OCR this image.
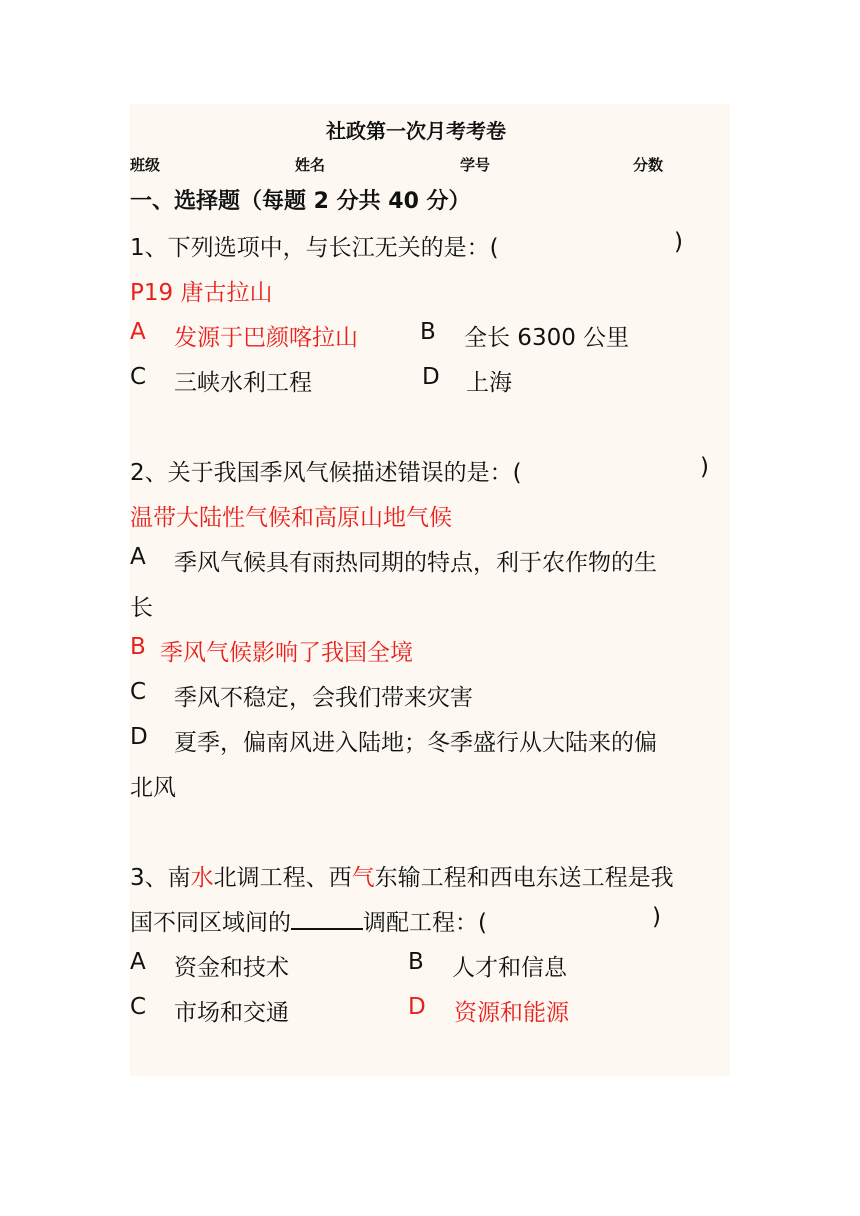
社政第一次月考考卷
班级	姓名	学号	分数
一、选择题（每题 2 分共 40 分）
1、下列选项中，与长江无关的是：(	)
P19 唐古拉山
A 发源于巴颜喀拉山	B 全长 6300 公里
C 三峡水利工程	D 上海
2、关于我国季风气候描述错误的是：(	)
温带大陆性气候和高原山地气候
A 季风气候具有雨热同期的特点，利于农作物的生
长
B 季风气候影响了我国全境
C 季风不稳定，会我们带来灾害
D 夏季，偏南风进入陆地；冬季盛行从大陆来的偏
北风
3、南水北调工程、西气东输工程和西电东送工程是我
国不同区域间的	调配工程：(	)
A 资金和技术	B 人才和信息
C 市场和交通	D 资源和能源
